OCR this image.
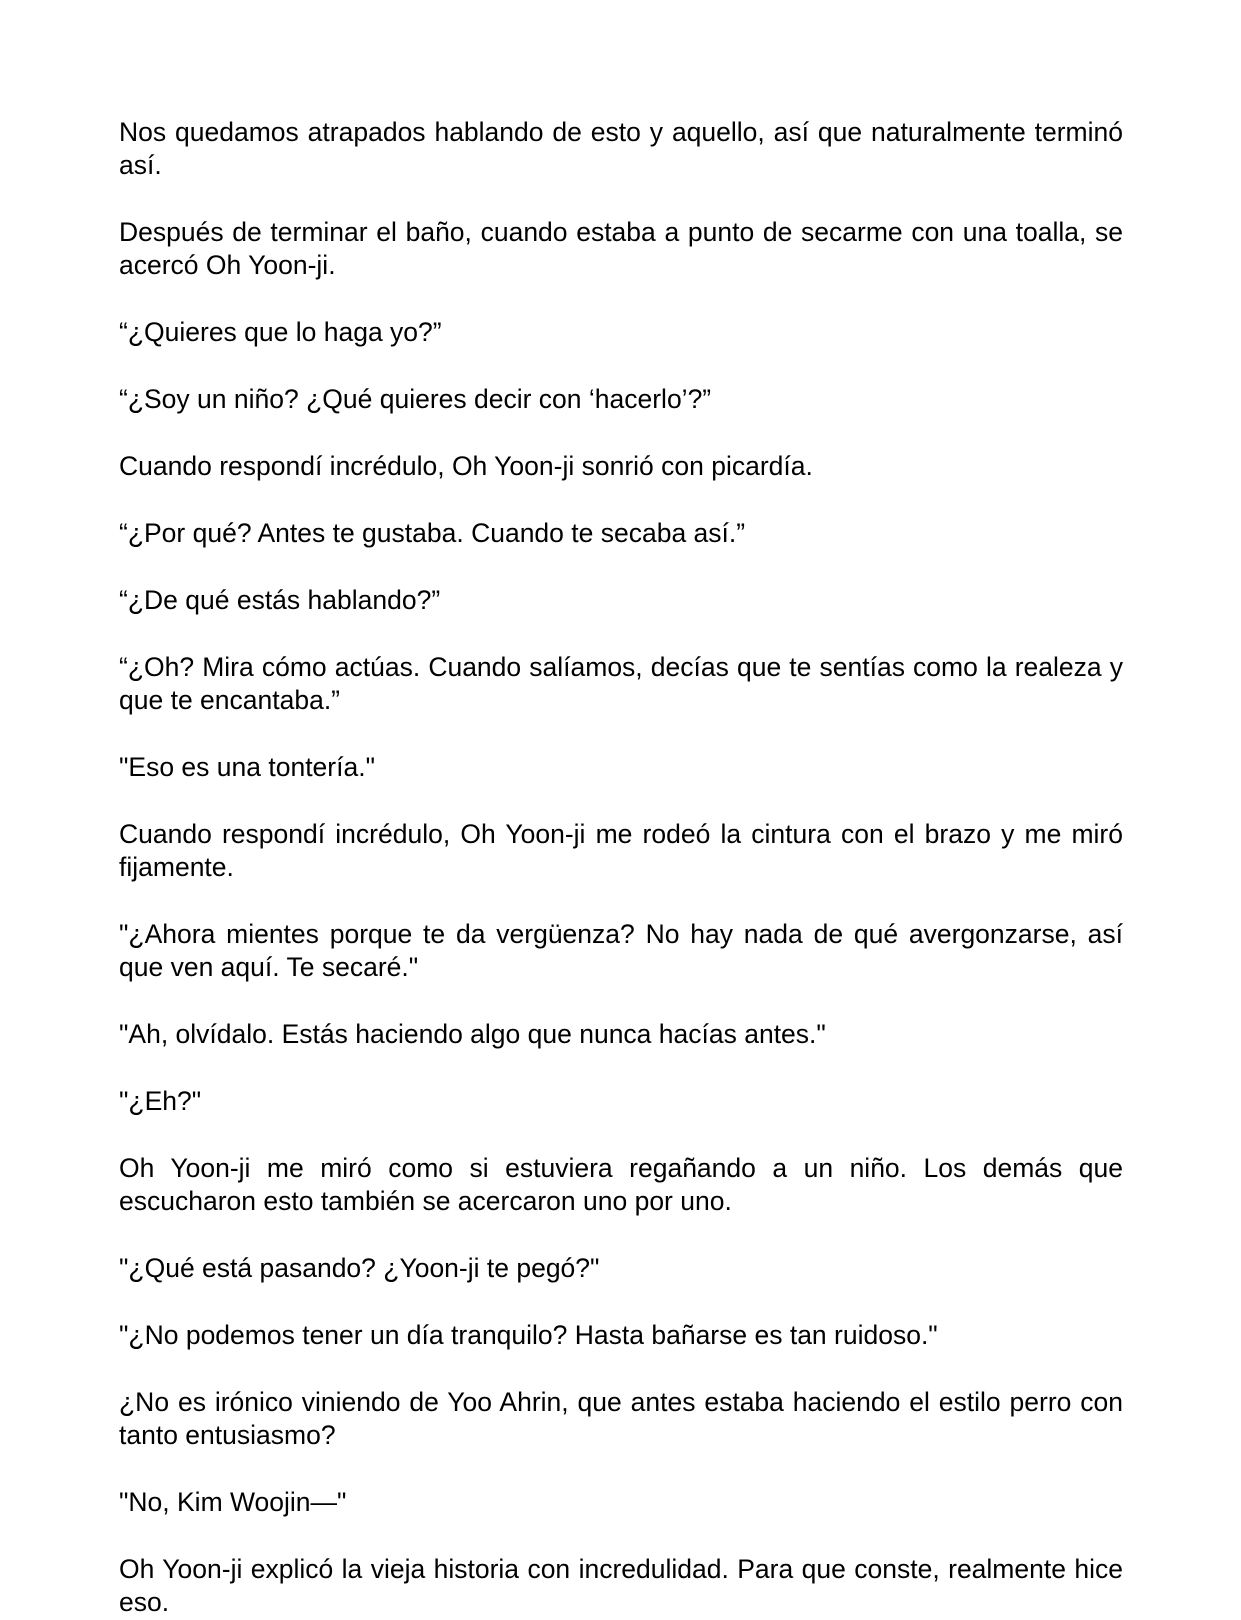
Nos quedamos atrapados hablando de esto y aquello, así que naturalmente terminó así.

Después de terminar el baño, cuando estaba a punto de secarme con una toalla, se acercó Oh Yoon-ji.

“¿Quieres que lo haga yo?”

“¿Soy un niño? ¿Qué quieres decir con ‘hacerlo’?”

Cuando respondí incrédulo, Oh Yoon-ji sonrió con picardía.

“¿Por qué? Antes te gustaba. Cuando te secaba así.”

“¿De qué estás hablando?”

“¿Oh? Mira cómo actúas. Cuando salíamos, decías que te sentías como la realeza y que te encantaba.”

"Eso es una tontería."

Cuando respondí incrédulo, Oh Yoon-ji me rodeó la cintura con el brazo y me miró fijamente.

"¿Ahora mientes porque te da vergüenza? No hay nada de qué avergonzarse, así que ven aquí. Te secaré."

"Ah, olvídalo. Estás haciendo algo que nunca hacías antes."

"¿Eh?"

Oh Yoon-ji me miró como si estuviera regañando a un niño. Los demás que escucharon esto también se acercaron uno por uno.

"¿Qué está pasando? ¿Yoon-ji te pegó?"

"¿No podemos tener un día tranquilo? Hasta bañarse es tan ruidoso."

¿No es irónico viniendo de Yoo Ahrin, que antes estaba haciendo el estilo perro con tanto entusiasmo?

"No, Kim Woojin—"

Oh Yoon-ji explicó la vieja historia con incredulidad. Para que conste, realmente hice eso.
